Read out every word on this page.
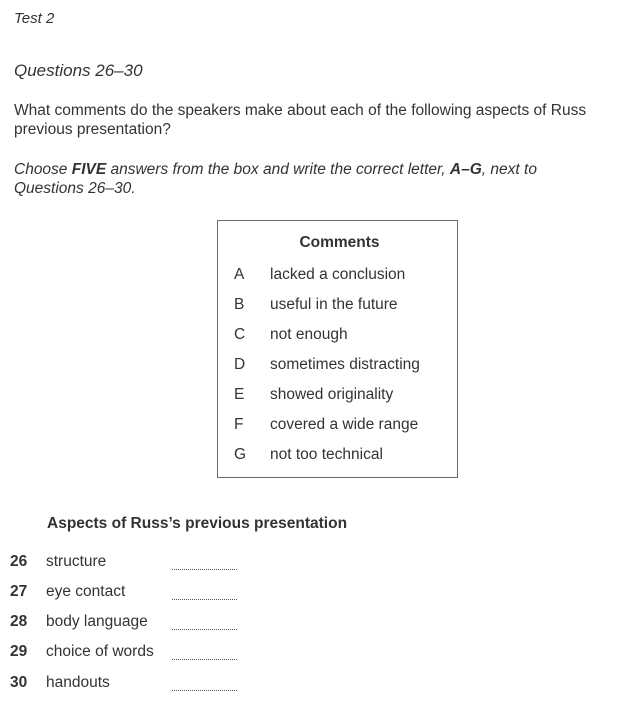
Test 2
Questions 26–30
What comments do the speakers make about each of the following aspects of Russ
previous presentation?
Choose FIVE answers from the box and write the correct letter, A–G, next to
Questions 26–30.
Comments
A lacked a conclusion
B useful in the future
C not enough
D sometimes distracting
E showed originality
F covered a wide range
G not too technical
Aspects of Russ’s previous presentation
26 structure
27 eye contact
28 body language
29 choice of words
30 handouts
